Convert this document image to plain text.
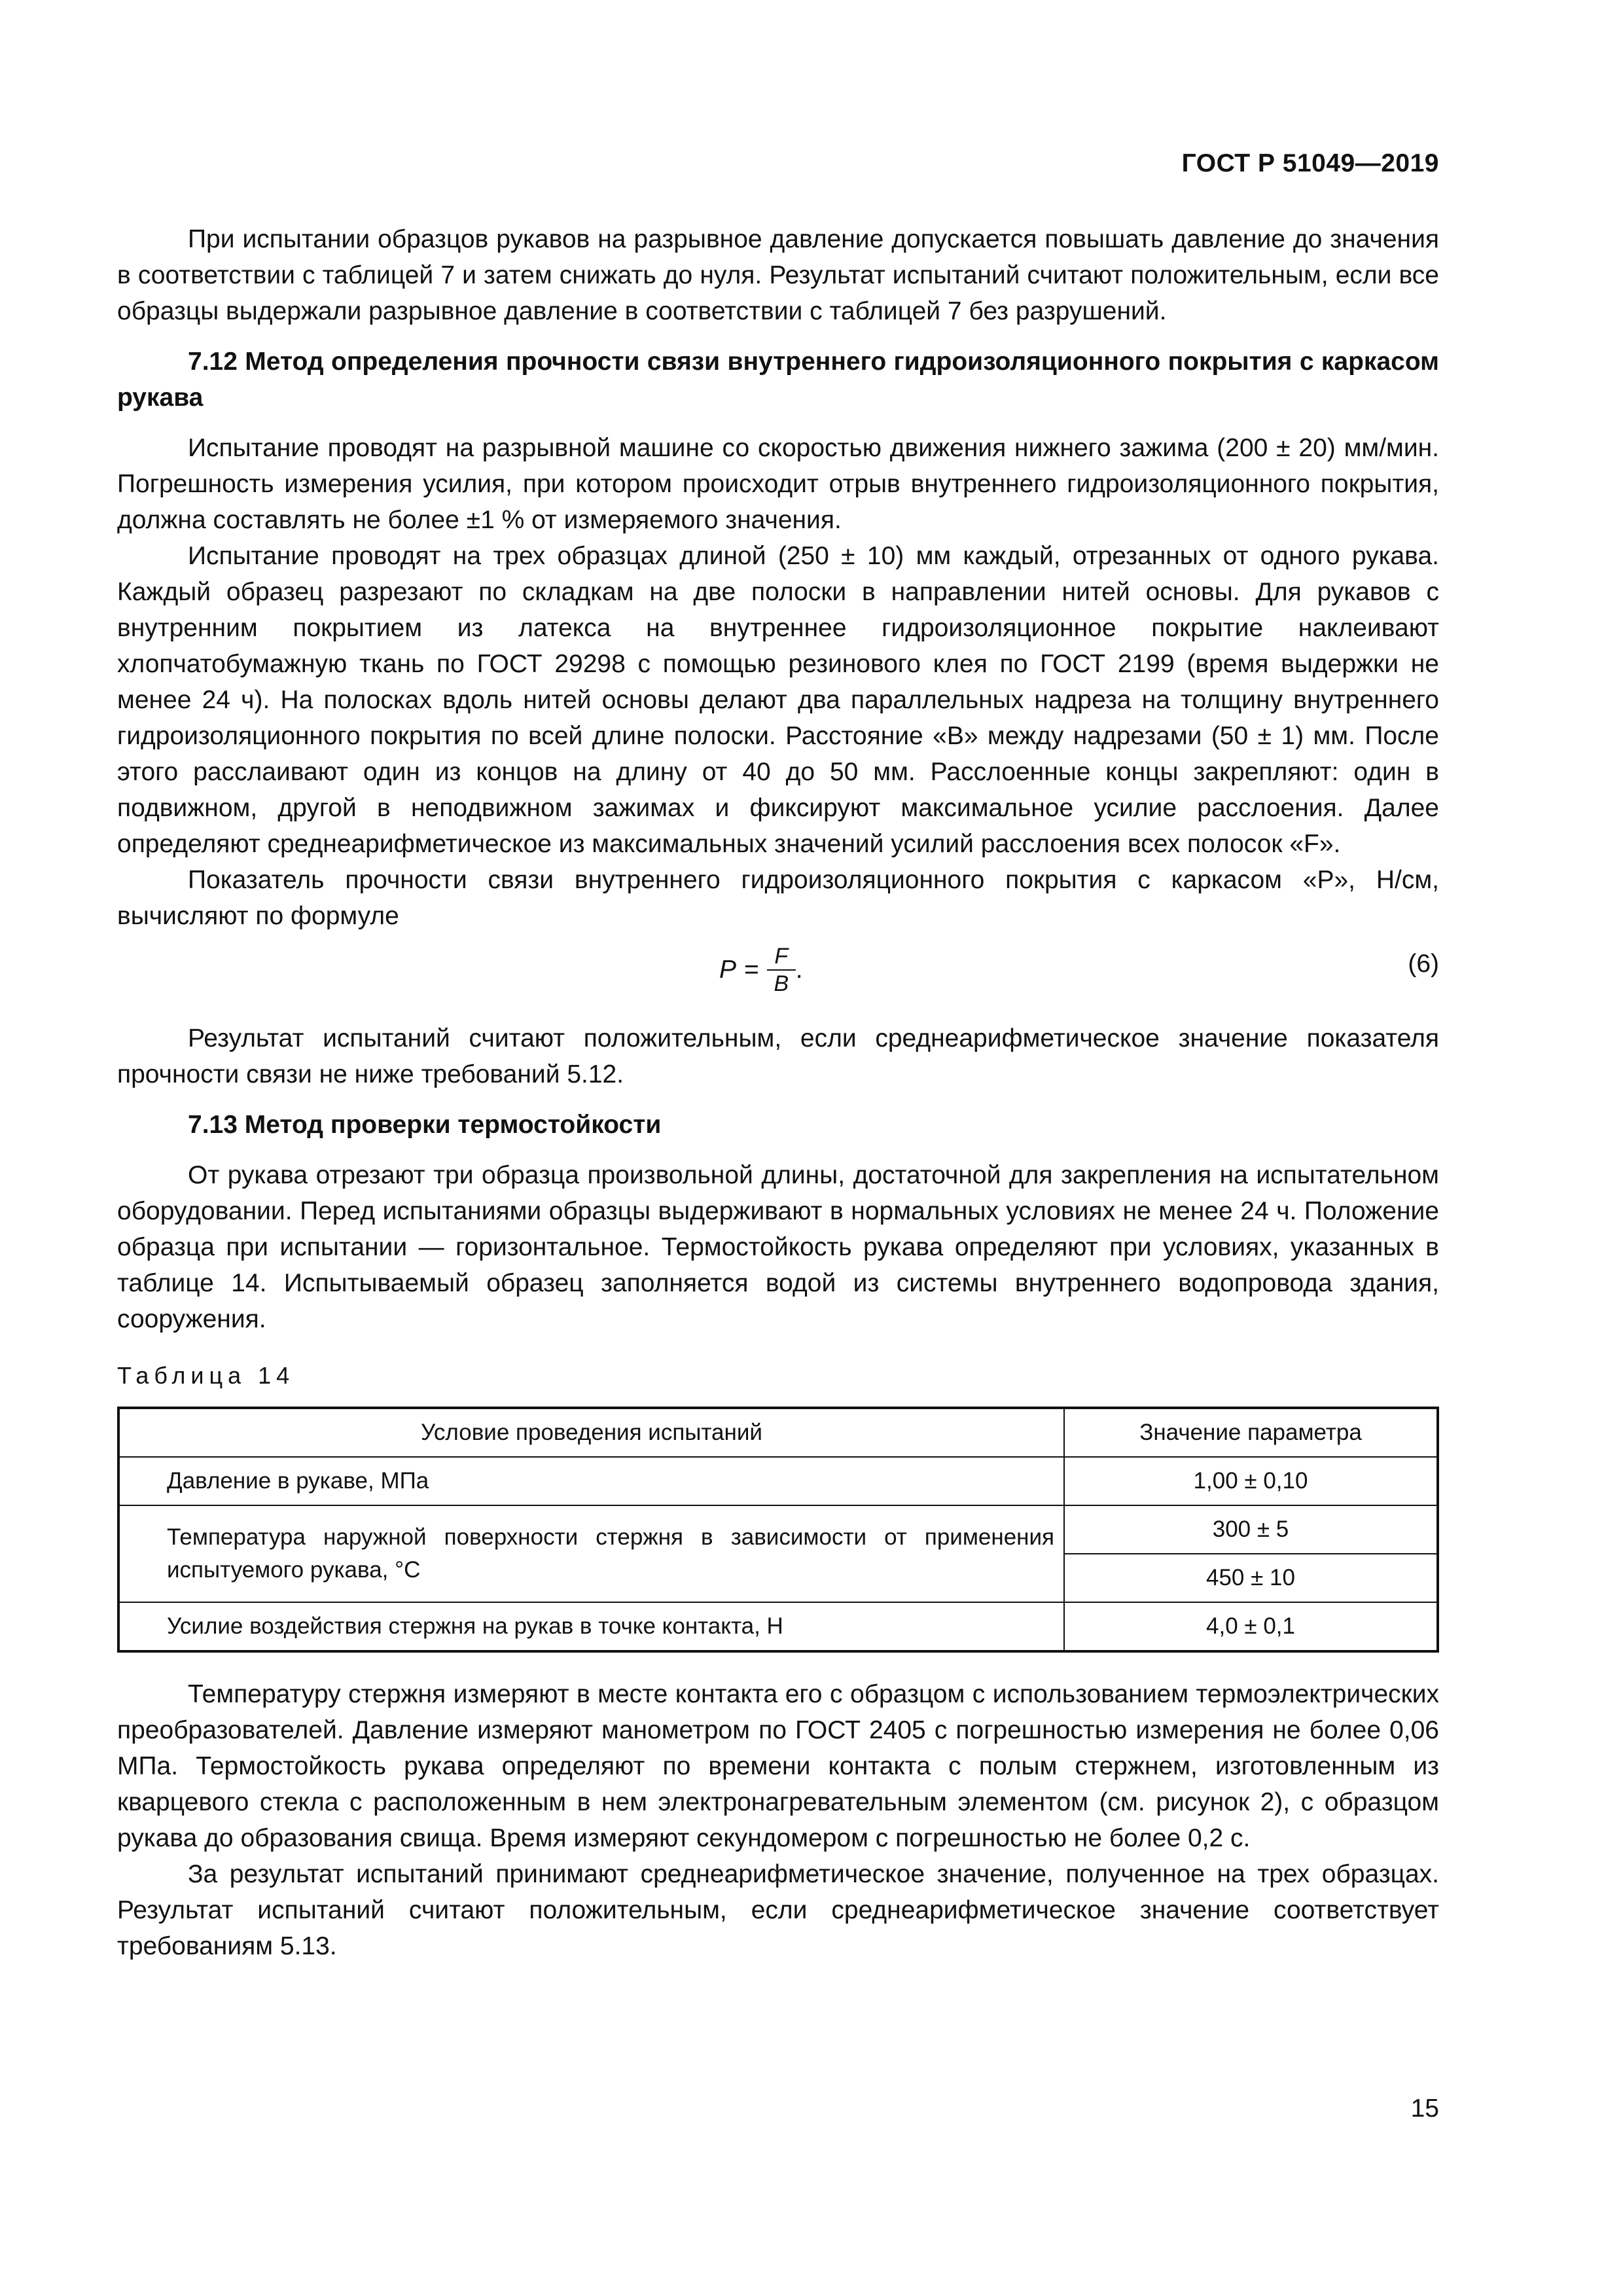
ГОСТ Р 51049—2019

При испытании образцов рукавов на разрывное давление допускается повышать давление до значения в соответствии с таблицей 7 и затем снижать до нуля. Результат испытаний считают положительным, если все образцы выдержали разрывное давление в соответствии с таблицей 7 без разрушений.

7.12 Метод определения прочности связи внутреннего гидроизоляционного покрытия с каркасом рукава

Испытание проводят на разрывной машине со скоростью движения нижнего зажима (200 ± 20) мм/мин. Погрешность измерения усилия, при котором происходит отрыв внутреннего гидроизоляционного покрытия, должна составлять не более ±1 % от измеряемого значения.

Испытание проводят на трех образцах длиной (250 ± 10) мм каждый, отрезанных от одного рукава. Каждый образец разрезают по складкам на две полоски в направлении нитей основы. Для рукавов с внутренним покрытием из латекса на внутреннее гидроизоляционное покрытие наклеивают хлопчатобумажную ткань по ГОСТ 29298 с помощью резинового клея по ГОСТ 2199 (время выдержки не менее 24 ч). На полосках вдоль нитей основы делают два параллельных надреза на толщину внутреннего гидроизоляционного покрытия по всей длине полоски. Расстояние «B» между надрезами (50 ± 1) мм. После этого расслаивают один из концов на длину от 40 до 50 мм. Расслоенные концы закрепляют: один в подвижном, другой в неподвижном зажимах и фиксируют максимальное усилие расслоения. Далее определяют среднеарифметическое из максимальных значений усилий расслоения всех полосок «F».

Показатель прочности связи внутреннего гидроизоляционного покрытия с каркасом «P», Н/см, вычисляют по формуле

$P = \frac{F}{B}$ .	(6)

Результат испытаний считают положительным, если среднеарифметическое значение показателя прочности связи не ниже требований 5.12.

7.13 Метод проверки термостойкости

От рукава отрезают три образца произвольной длины, достаточной для закрепления на испытательном оборудовании. Перед испытаниями образцы выдерживают в нормальных условиях не менее 24 ч. Положение образца при испытании — горизонтальное. Термостойкость рукава определяют при условиях, указанных в таблице 14. Испытываемый образец заполняется водой из системы внутреннего водопровода здания, сооружения.

Таблица 14
Условие проведения испытаний	Значение параметра
Давление в рукаве, МПа	1,00 ± 0,10
Температура наружной поверхности стержня в зависимости от применения испытуемого рукава, °С	300 ± 5
	450 ± 10
Усилие воздействия стержня на рукав в точке контакта, Н	4,0 ± 0,1

Температуру стержня измеряют в месте контакта его с образцом с использованием термоэлектрических преобразователей. Давление измеряют манометром по ГОСТ 2405 с погрешностью измерения не более 0,06 МПа. Термостойкость рукава определяют по времени контакта с полым стержнем, изготовленным из кварцевого стекла с расположенным в нем электронагревательным элементом (см. рисунок 2), с образцом рукава до образования свища. Время измеряют секундомером с погрешностью не более 0,2 с.

За результат испытаний принимают среднеарифметическое значение, полученное на трех образцах. Результат испытаний считают положительным, если среднеарифметическое значение соответствует требованиям 5.13.

15
